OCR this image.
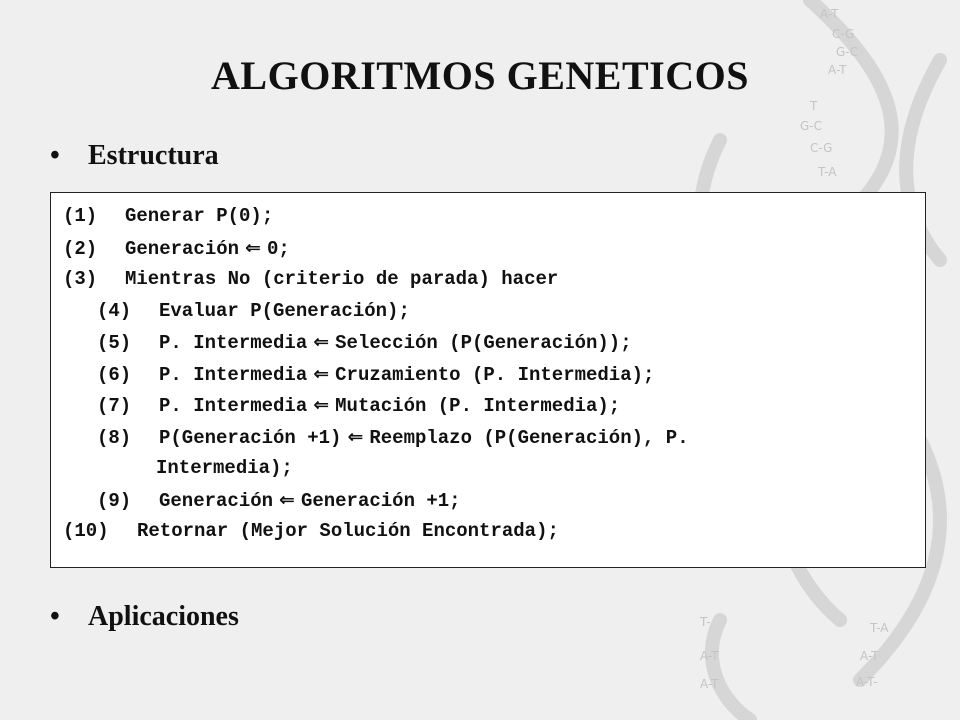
A-T
C-G
G-C
A-T
T
G-C
C-G
T-A
T-
A-T
A-T
T-A
A-T
A-T-
ALGORITMOS GENETICOS
•	Estructura
(1) Generar P(0);
(2) Generación ⇐ 0;
(3) Mientras No (criterio de parada) hacer
(4) Evaluar P(Generación);
(5) P. Intermedia ⇐ Selección (P(Generación));
(6) P. Intermedia ⇐ Cruzamiento (P. Intermedia);
(7) P. Intermedia ⇐ Mutación (P. Intermedia);
(8) P(Generación +1) ⇐ Reemplazo (P(Generación), P.
Intermedia);
(9) Generación ⇐ Generación +1;
(10) Retornar (Mejor Solución Encontrada);
•	Aplicaciones
